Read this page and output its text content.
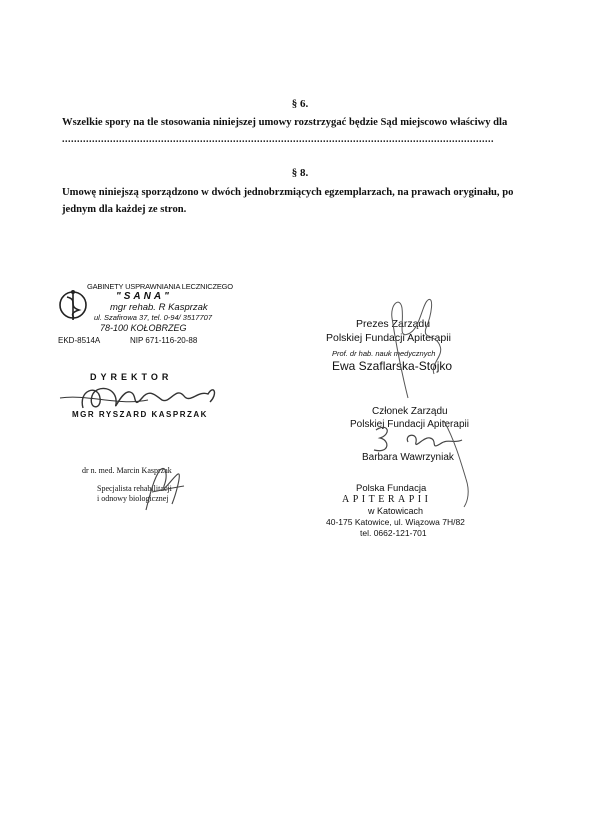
§ 6.
Wszelkie spory na tle stosowania niniejszej umowy rozstrzygać będzie Sąd miejscowo właściwy dla
................................................................................................................................................
§ 8.
Umowę niniejszą sporządzono w dwóch jednobrzmiących egzemplarzach, na prawach oryginału, po
jednym dla każdej ze stron.
GABINETY USPRAWNIANIA LECZNICZEGO
"SANA"
mgr rehab. R Kasprzak
ul. Szafirowa 37, tel. 0-94/ 3517707
78-100 KOŁOBRZEG
EKD-8514A	NIP 671-116-20-88
DYREKTOR
MGR RYSZARD KASPRZAK
dr n. med. Marcin Kasprzak
Specjalista rehabilitacji
i odnowy biologicznej
Prezes Zarządu
Polskiej Fundacji Apiterapii
Prof. dr hab. nauk medycznych
Ewa Szaflarska-Stojko
Członek Zarządu
Polskiej Fundacji Apiterapii
Barbara Wawrzyniak
Polska Fundacja
APITERAPII
w Katowicach
40-175 Katowice, ul. Wiązowa 7H/82
tel. 0662-121-701
